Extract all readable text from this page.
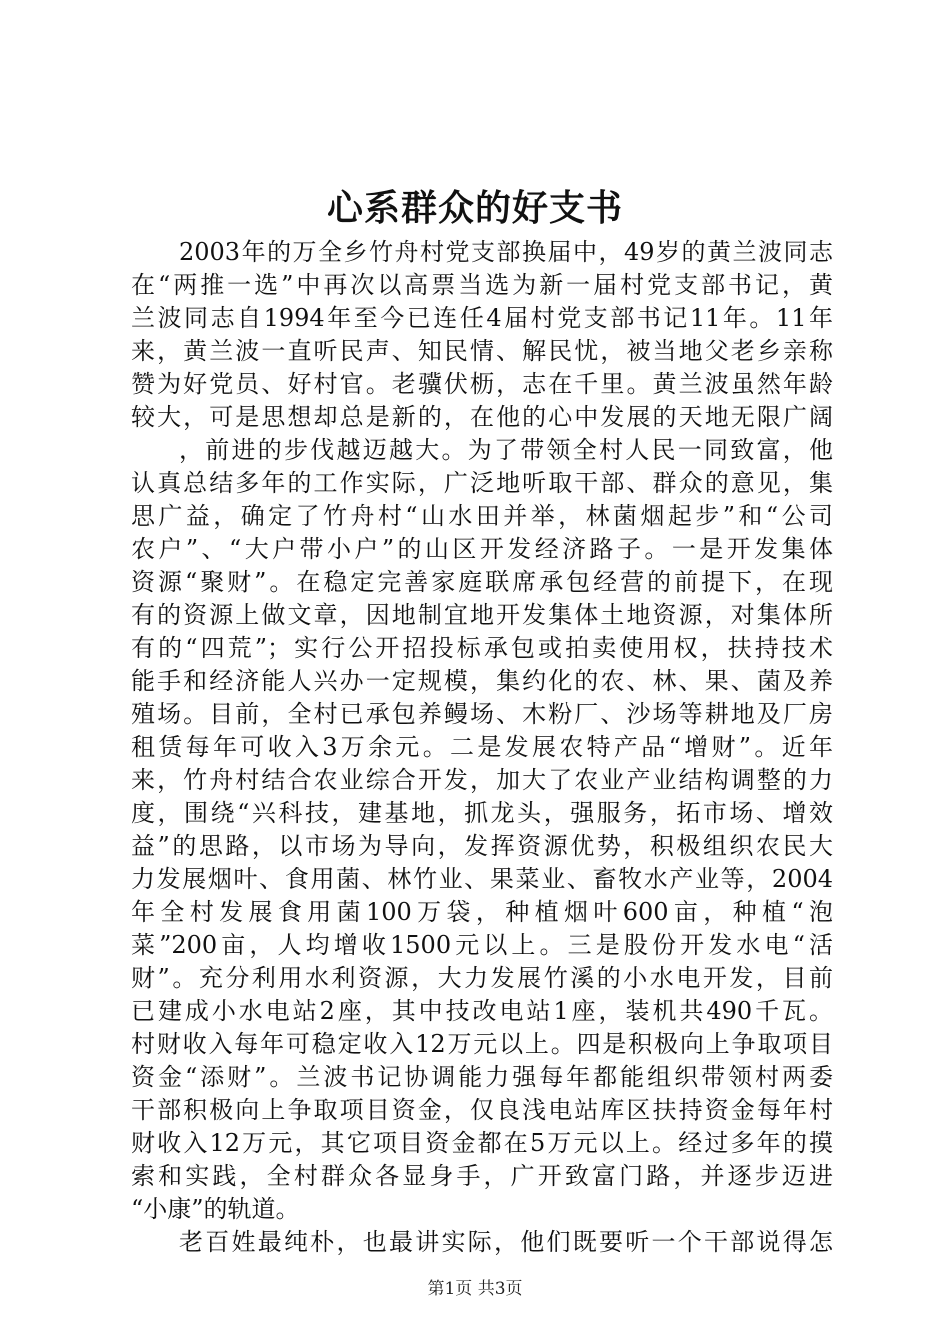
心系群众的好支书
2003年的万全乡竹舟村党支部换届中，49岁的黄兰波同志
在“两推一选”中再次以高票当选为新一届村党支部书记，黄
兰波同志自1994年至今已连任4届村党支部书记11年。11年
来，黄兰波一直听民声、知民情、解民忧，被当地父老乡亲称
赞为好党员、好村官。老骥伏枥，志在千里。黄兰波虽然年龄
较大，可是思想却总是新的，在他的心中发展的天地无限广阔
，前进的步伐越迈越大。为了带领全村人民一同致富，他
认真总结多年的工作实际，广泛地听取干部、群众的意见，集
思广益，确定了竹舟村“山水田并举，林菌烟起步”和“公司
农户”、“大户带小户”的山区开发经济路子。一是开发集体
资源“聚财”。在稳定完善家庭联席承包经营的前提下，在现
有的资源上做文章，因地制宜地开发集体土地资源，对集体所
有的“四荒”；实行公开招投标承包或拍卖使用权，扶持技术
能手和经济能人兴办一定规模，集约化的农、林、果、菌及养
殖场。目前，全村已承包养鳗场、木粉厂、沙场等耕地及厂房
租赁每年可收入3万余元。二是发展农特产品“增财”。近年
来，竹舟村结合农业综合开发，加大了农业产业结构调整的力
度，围绕“兴科技，建基地，抓龙头，强服务，拓市场、增效
益”的思路，以市场为导向，发挥资源优势，积极组织农民大
力发展烟叶、食用菌、林竹业、果菜业、畜牧水产业等，2004
年全村发展食用菌100万袋，种植烟叶600亩，种植“泡
菜”200亩，人均增收1500元以上。三是股份开发水电“活
财”。充分利用水利资源，大力发展竹溪的小水电开发，目前
已建成小水电站2座，其中技改电站1座，装机共490千瓦。
村财收入每年可稳定收入12万元以上。四是积极向上争取项目
资金“添财”。兰波书记协调能力强每年都能组织带领村两委
干部积极向上争取项目资金，仅良浅电站库区扶持资金每年村
财收入12万元，其它项目资金都在5万元以上。经过多年的摸
索和实践，全村群众各显身手，广开致富门路，并逐步迈进
“小康”的轨道。
老百姓最纯朴，也最讲实际，他们既要听一个干部说得怎
第1页 共3页
